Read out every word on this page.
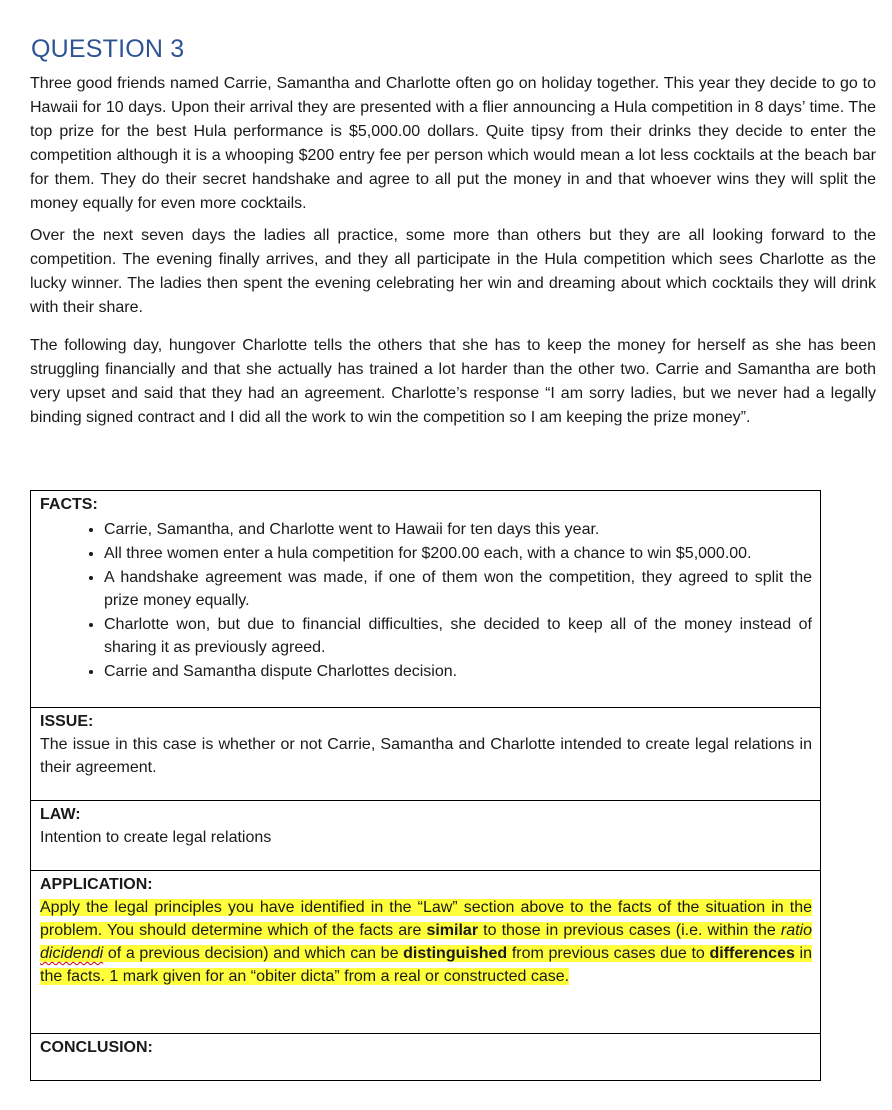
QUESTION 3

Three good friends named Carrie, Samantha and Charlotte often go on holiday together. This year they decide to go to Hawaii for 10 days. Upon their arrival they are presented with a flier announcing a Hula competition in 8 days’ time. The top prize for the best Hula performance is $5,000.00 dollars. Quite tipsy from their drinks they decide to enter the competition although it is a whooping $200 entry fee per person which would mean a lot less cocktails at the beach bar for them. They do their secret handshake and agree to all put the money in and that whoever wins they will split the money equally for even more cocktails.

Over the next seven days the ladies all practice, some more than others but they are all looking forward to the competition. The evening finally arrives, and they all participate in the Hula competition which sees Charlotte as the lucky winner. The ladies then spent the evening celebrating her win and dreaming about which cocktails they will drink with their share.

The following day, hungover Charlotte tells the others that she has to keep the money for herself as she has been struggling financially and that she actually has trained a lot harder than the other two. Carrie and Samantha are both very upset and said that they had an agreement. Charlotte’s response “I am sorry ladies, but we never had a legally binding signed contract and I did all the work to win the competition so I am keeping the prize money”.

FACTS:
• Carrie, Samantha, and Charlotte went to Hawaii for ten days this year.
• All three women enter a hula competition for $200.00 each, with a chance to win $5,000.00.
• A handshake agreement was made, if one of them won the competition, they agreed to split the prize money equally.
• Charlotte won, but due to financial difficulties, she decided to keep all of the money instead of sharing it as previously agreed.
• Carrie and Samantha dispute Charlottes decision.

ISSUE:
The issue in this case is whether or not Carrie, Samantha and Charlotte intended to create legal relations in their agreement.

LAW:
Intention to create legal relations

APPLICATION:
Apply the legal principles you have identified in the “Law” section above to the facts of the situation in the problem. You should determine which of the facts are similar to those in previous cases (i.e. within the ratio dicidendi of a previous decision) and which can be distinguished from previous cases due to differences in the facts. 1 mark given for an “obiter dicta” from a real or constructed case.

CONCLUSION:
